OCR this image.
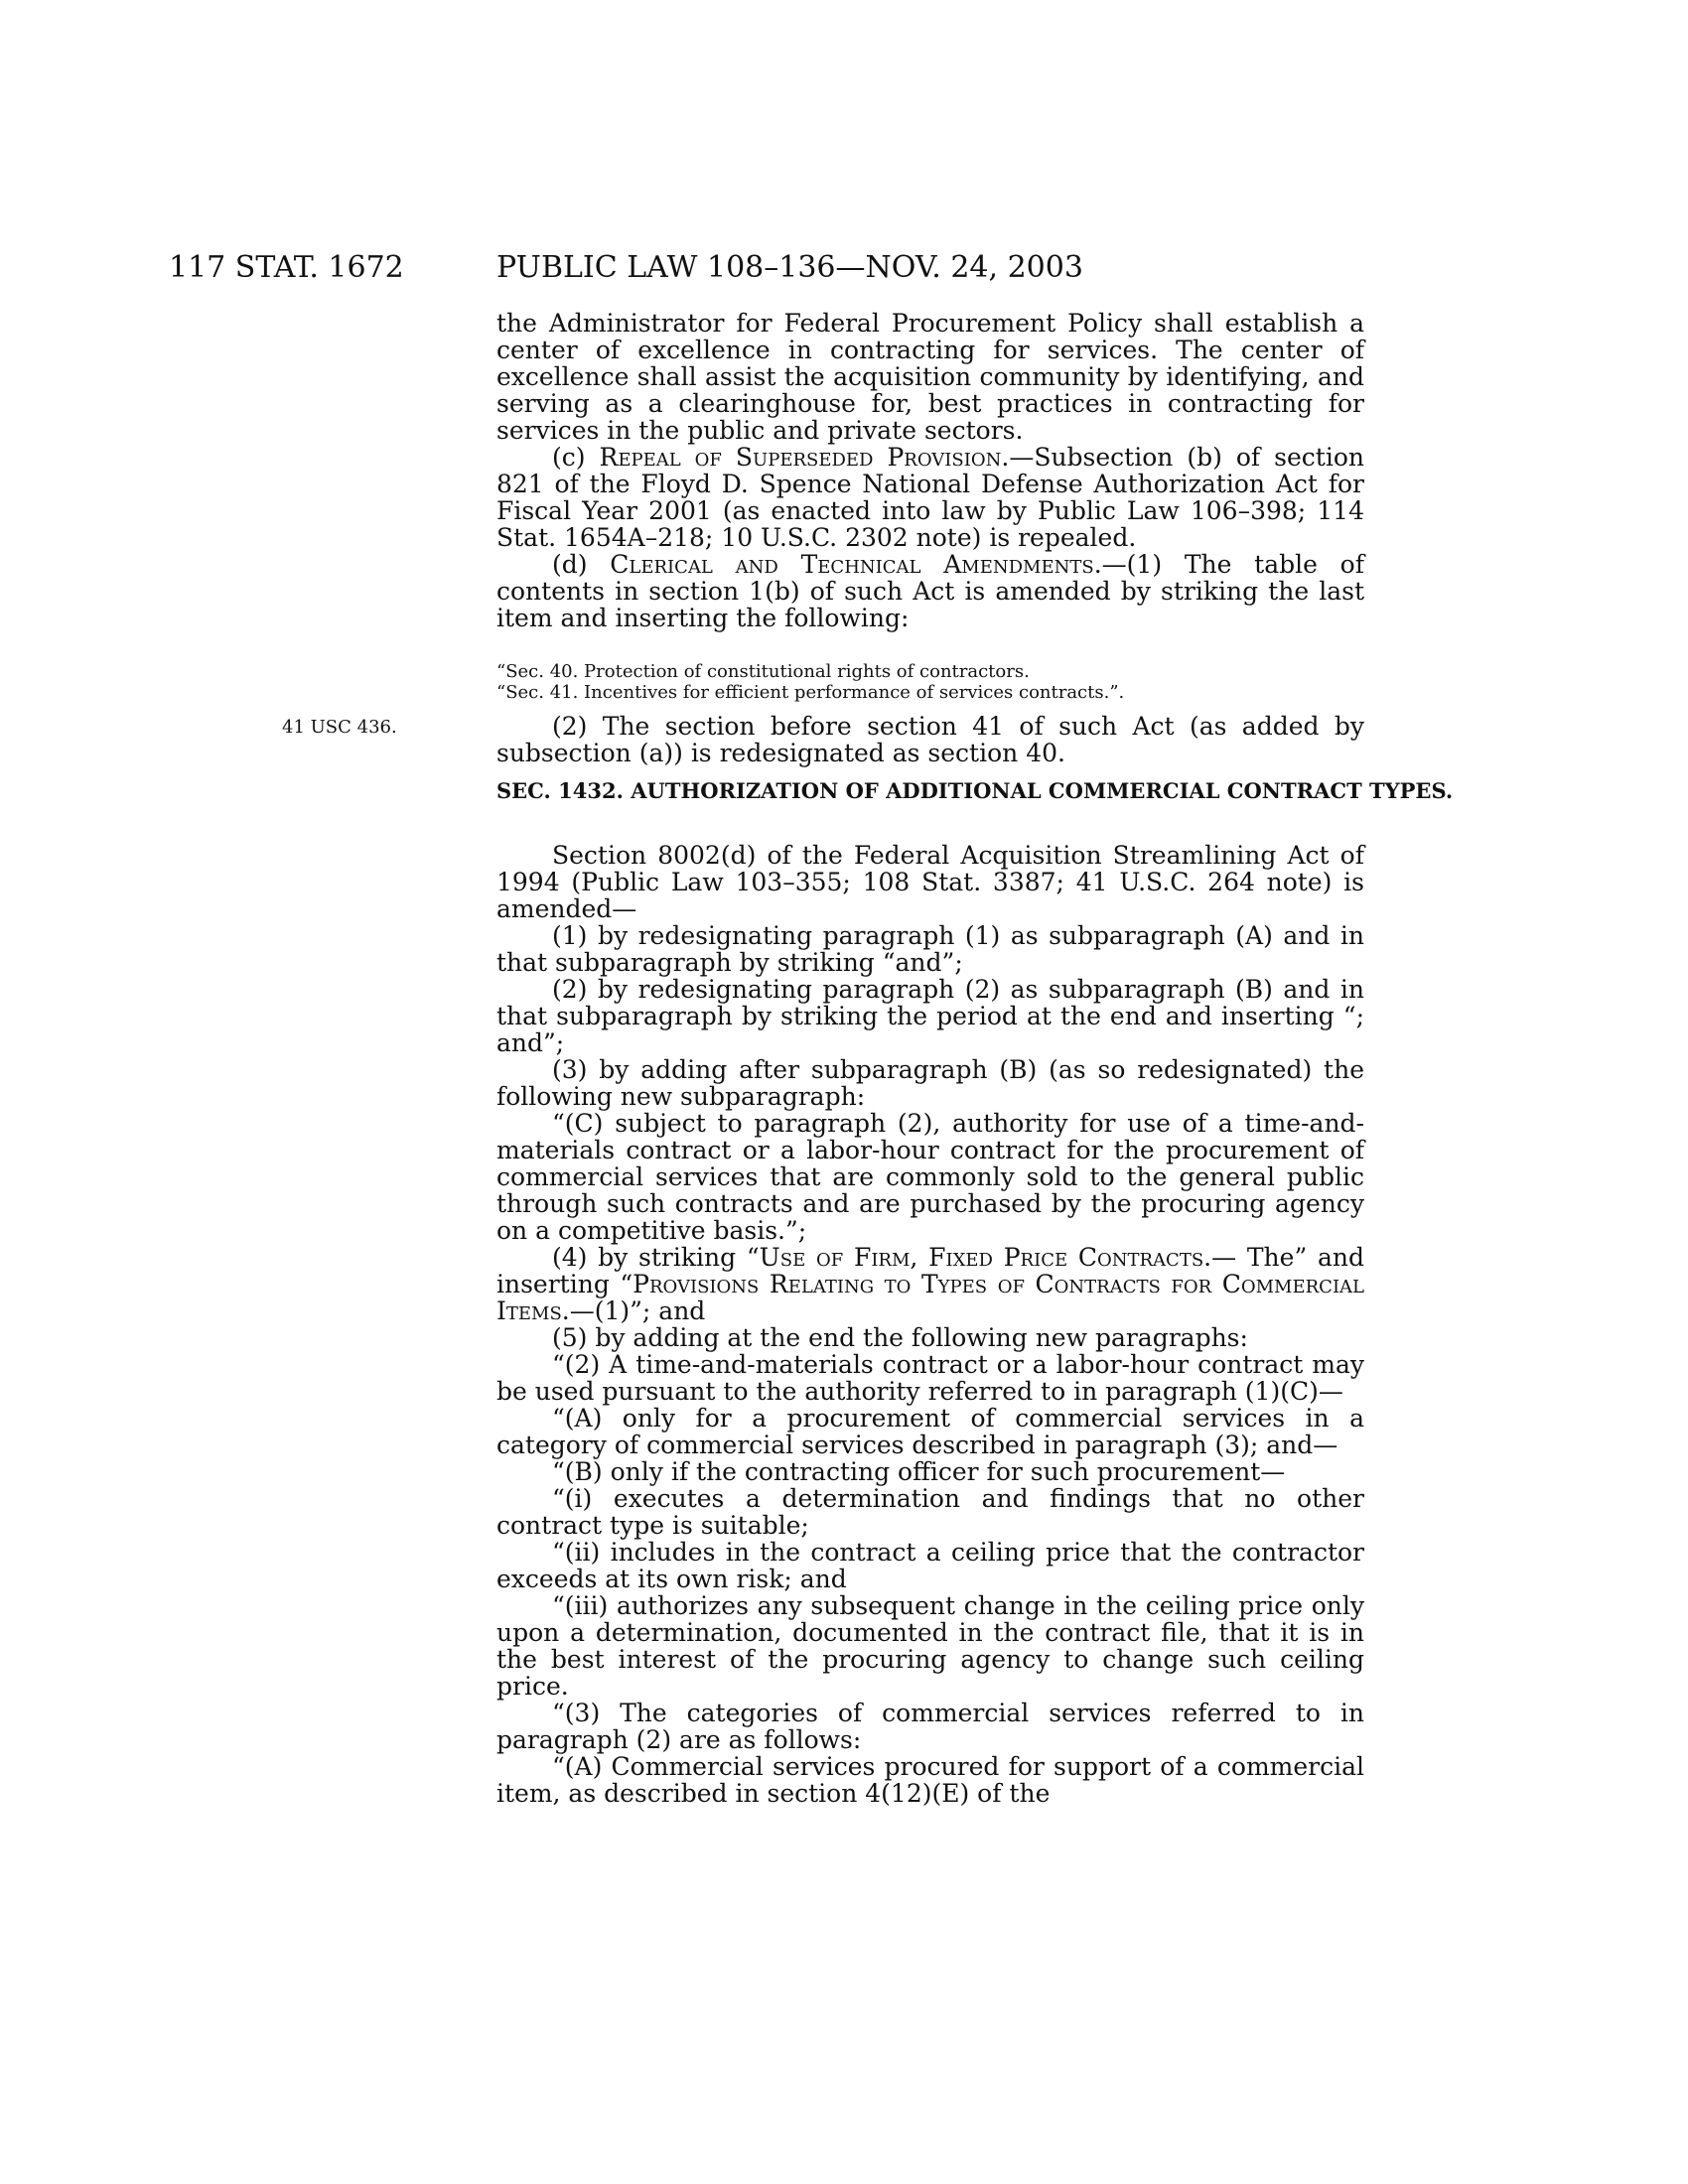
117 STAT. 1672	PUBLIC LAW 108–136—NOV. 24, 2003

the Administrator for Federal Procurement Policy shall establish a center of excellence in contracting for services. The center of excellence shall assist the acquisition community by identifying, and serving as a clearinghouse for, best practices in contracting for services in the public and private sectors.

(c) Repeal of Superseded Provision.—Subsection (b) of section 821 of the Floyd D. Spence National Defense Authorization Act for Fiscal Year 2001 (as enacted into law by Public Law 106–398; 114 Stat. 1654A–218; 10 U.S.C. 2302 note) is repealed.

(d) Clerical and Technical Amendments.—(1) The table of contents in section 1(b) of such Act is amended by striking the last item and inserting the following:

“Sec. 40. Protection of constitutional rights of contractors.
“Sec. 41. Incentives for efficient performance of services contracts.”.
41 USC 436.	(2) The section before section 41 of such Act (as added by subsection (a)) is redesignated as section 40.

SEC. 1432. AUTHORIZATION OF ADDITIONAL COMMERCIAL CONTRACT TYPES.

Section 8002(d) of the Federal Acquisition Streamlining Act of 1994 (Public Law 103–355; 108 Stat. 3387; 41 U.S.C. 264 note) is amended—

(1) by redesignating paragraph (1) as subparagraph (A) and in that subparagraph by striking “and”;

(2) by redesignating paragraph (2) as subparagraph (B) and in that subparagraph by striking the period at the end and inserting “; and”;

(3) by adding after subparagraph (B) (as so redesignated) the following new subparagraph:

“(C) subject to paragraph (2), authority for use of a time-and-materials contract or a labor-hour contract for the procurement of commercial services that are commonly sold to the general public through such contracts and are purchased by the procuring agency on a competitive basis.”;

(4) by striking “Use of Firm, Fixed Price Contracts.— The” and inserting “Provisions Relating to Types of Contracts for Commercial Items.—(1)”; and

(5) by adding at the end the following new paragraphs:

“(2) A time-and-materials contract or a labor-hour contract may be used pursuant to the authority referred to in paragraph (1)(C)—

“(A) only for a procurement of commercial services in a category of commercial services described in paragraph (3); and—

“(B) only if the contracting officer for such procurement—

“(i) executes a determination and findings that no other contract type is suitable;

“(ii) includes in the contract a ceiling price that the contractor exceeds at its own risk; and

“(iii) authorizes any subsequent change in the ceiling price only upon a determination, documented in the contract file, that it is in the best interest of the procuring agency to change such ceiling price.

“(3) The categories of commercial services referred to in paragraph (2) are as follows:

“(A) Commercial services procured for support of a commercial item, as described in section 4(12)(E) of the
